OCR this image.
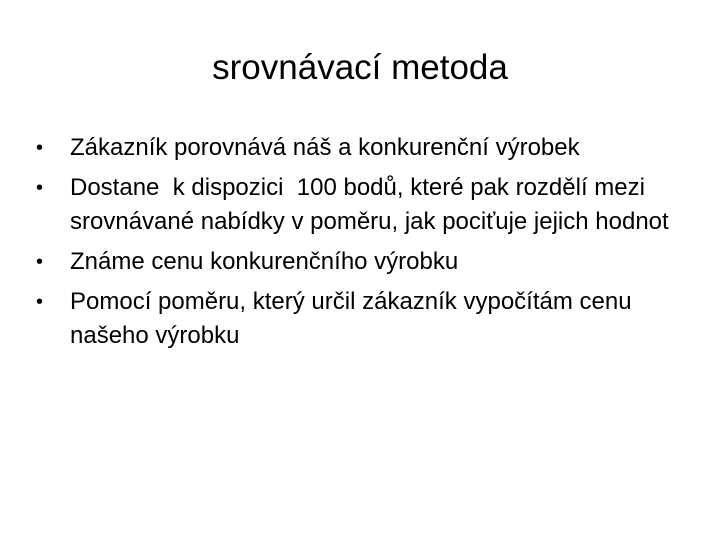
srovnávací metoda
•	Zákazník porovnává náš a konkurenční výrobek
•	Dostane  k dispozici  100 bodů, které pak rozdělí mezi srovnávané nabídky v poměru, jak pociťuje jejich hodnot
•	Známe cenu konkurenčního výrobku
•	Pomocí poměru, který určil zákazník vypočítám cenu našeho výrobku
